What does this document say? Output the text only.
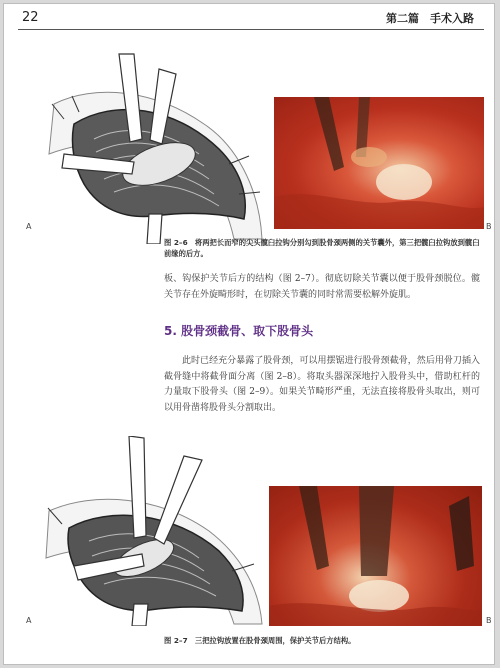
22	第二篇　手术入路
A	B
图 2–6　将两把长而窄的尖头髋臼拉钩分别勾到股骨颈两侧的关节囊外，第三把髋臼拉钩放到髋臼前缘的后方。
板、钩保护关节后方的结构（图 2–7）。彻底切除关节囊以便于股骨颈脱位。髋关节存在外旋畸形时，在切除关节囊的同时常需要松解外旋肌。
5. 股骨颈截骨、取下股骨头
此时已经充分暴露了股骨颈，可以用摆锯进行股骨颈截骨，然后用骨刀插入截骨缝中将截骨面分离（图 2–8）。将取头器深深地拧入股骨头中，借助杠杆的力量取下股骨头（图 2–9）。如果关节畸形严重，无法直接将股骨头取出，则可以用骨凿将股骨头分割取出。
A	B
图 2–7　三把拉钩放置在股骨颈周围，保护关节后方结构。
